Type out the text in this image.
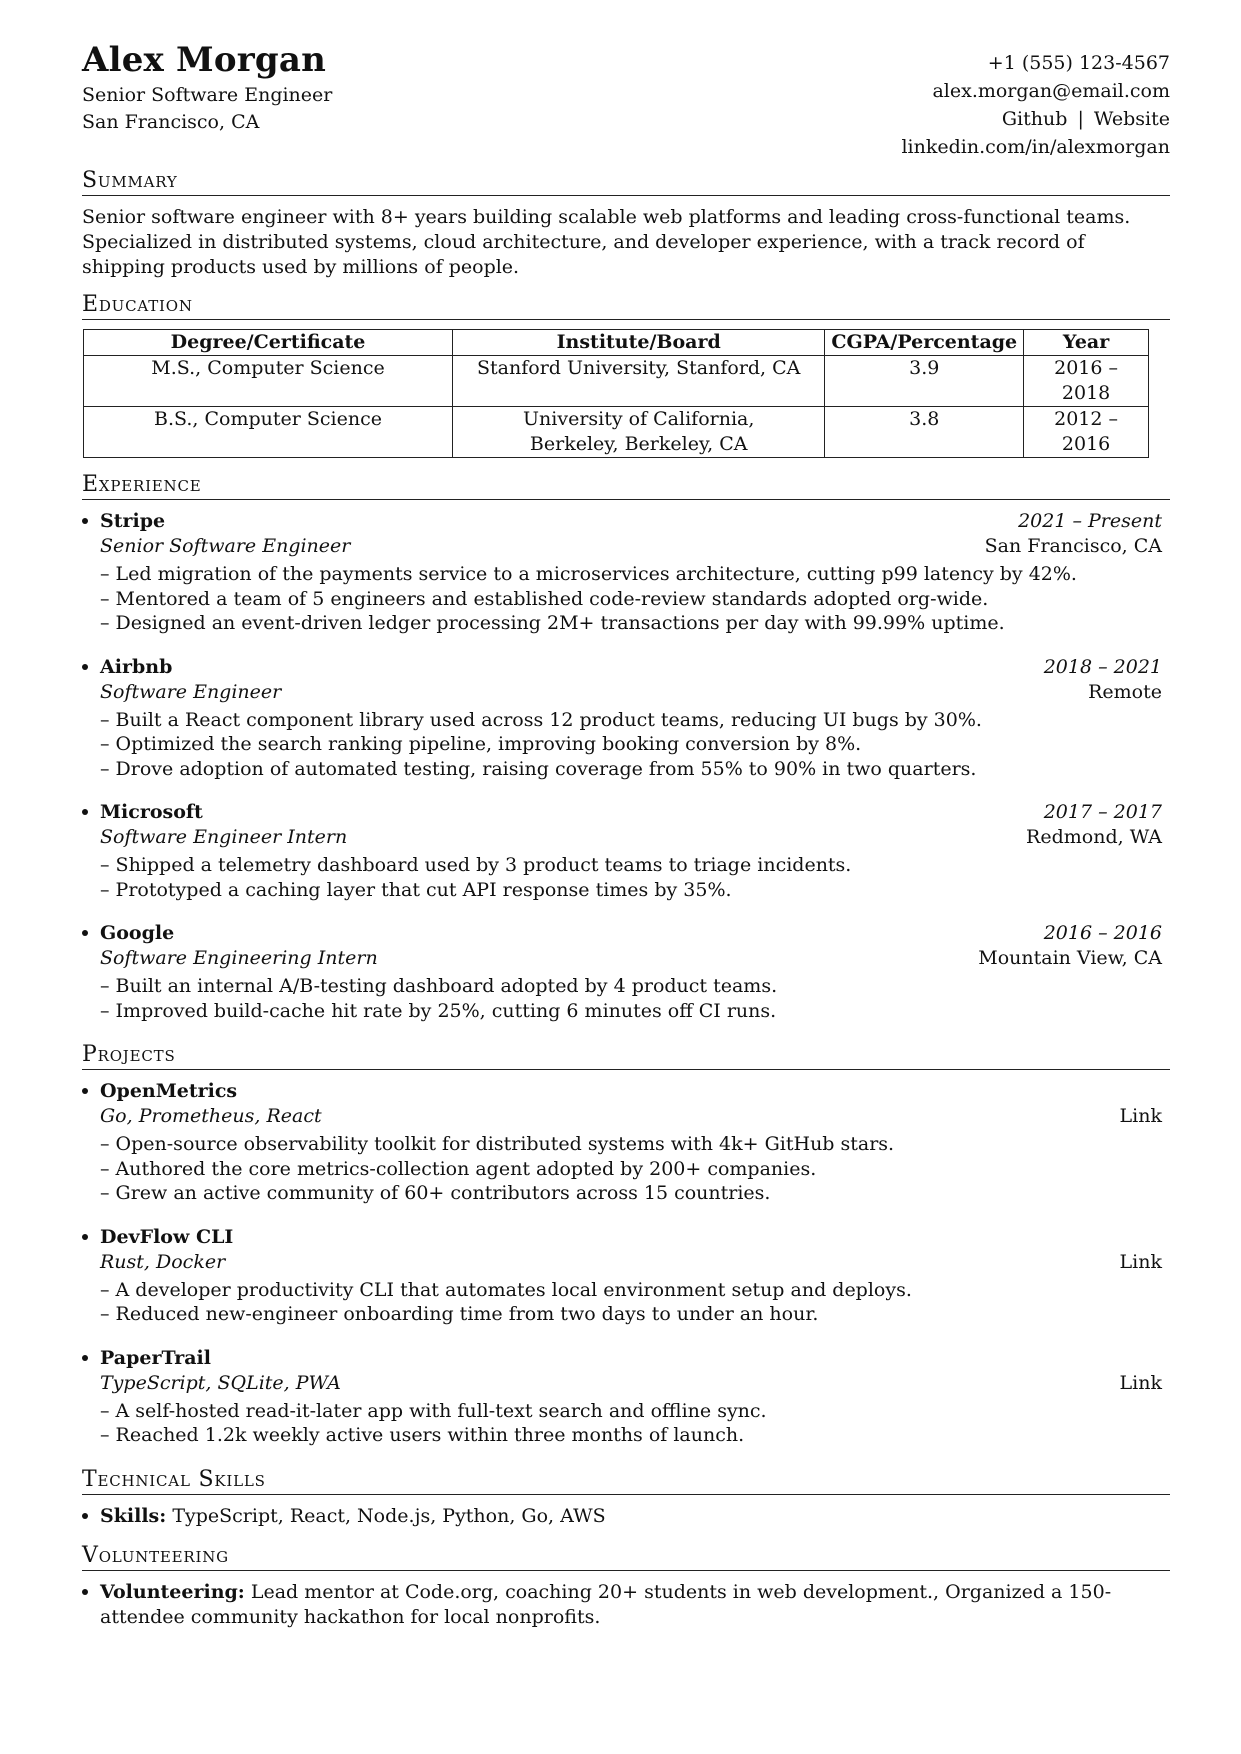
Alex Morgan
Senior Software Engineer
San Francisco, CA
+1 (555) 123-4567
alex.morgan@email.com
Github | Website
linkedin.com/in/alexmorgan
Summary
Senior software engineer with 8+ years building scalable web platforms and leading cross-functional teams. Specialized in distributed systems, cloud architecture, and developer experience, with a track record of shipping products used by millions of people.
Education
Degree/Certificate	Institute/Board	CGPA/Percentage	Year
M.S., Computer Science	Stanford University, Stanford, CA	3.9	2016 – 2018
B.S., Computer Science	University of California, Berkeley, Berkeley, CA	3.8	2012 – 2016
Experience
Stripe	2021 – Present
Senior Software Engineer	San Francisco, CA
– Led migration of the payments service to a microservices architecture, cutting p99 latency by 42%.
– Mentored a team of 5 engineers and established code-review standards adopted org-wide.
– Designed an event-driven ledger processing 2M+ transactions per day with 99.99% uptime.
Airbnb	2018 – 2021
Software Engineer	Remote
– Built a React component library used across 12 product teams, reducing UI bugs by 30%.
– Optimized the search ranking pipeline, improving booking conversion by 8%.
– Drove adoption of automated testing, raising coverage from 55% to 90% in two quarters.
Microsoft	2017 – 2017
Software Engineer Intern	Redmond, WA
– Shipped a telemetry dashboard used by 3 product teams to triage incidents.
– Prototyped a caching layer that cut API response times by 35%.
Google	2016 – 2016
Software Engineering Intern	Mountain View, CA
– Built an internal A/B-testing dashboard adopted by 4 product teams.
– Improved build-cache hit rate by 25%, cutting 6 minutes off CI runs.
Projects
OpenMetrics
Go, Prometheus, React	Link
– Open-source observability toolkit for distributed systems with 4k+ GitHub stars.
– Authored the core metrics-collection agent adopted by 200+ companies.
– Grew an active community of 60+ contributors across 15 countries.
DevFlow CLI
Rust, Docker	Link
– A developer productivity CLI that automates local environment setup and deploys.
– Reduced new-engineer onboarding time from two days to under an hour.
PaperTrail
TypeScript, SQLite, PWA	Link
– A self-hosted read-it-later app with full-text search and offline sync.
– Reached 1.2k weekly active users within three months of launch.
Technical Skills
Skills: TypeScript, React, Node.js, Python, Go, AWS
Volunteering
Volunteering: Lead mentor at Code.org, coaching 20+ students in web development., Organized a 150-attendee community hackathon for local nonprofits.
